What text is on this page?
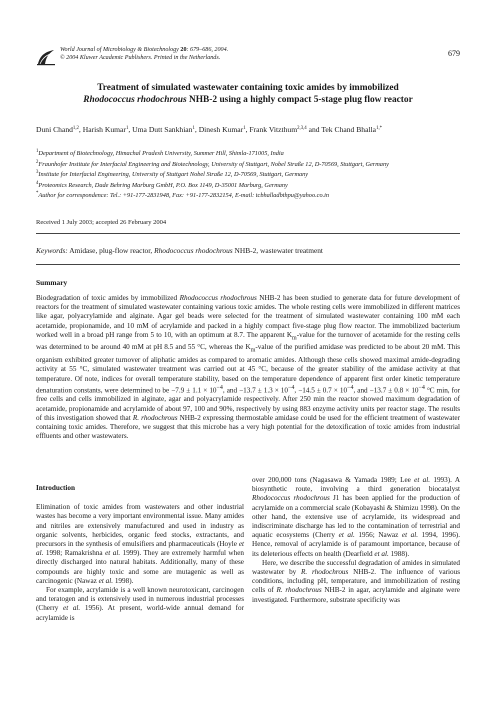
World Journal of Microbiology & Biotechnology 20: 679–686, 2004.
© 2004 Kluwer Academic Publishers. Printed in the Netherlands.	679
Treatment of simulated wastewater containing toxic amides by immobilized
Rhodococcus rhodochrous NHB-2 using a highly compact 5-stage plug flow reactor
Duni Chand$^{1,2}$, Harish Kumar$^1$, Uma Dutt Sankhian$^1$, Dinesh Kumar$^1$, Frank Vitzthum$^{2,3,4}$ and Tek Chand Bhalla$^{1,*}$
$^1$Department of Biotechnology, Himachal Pradesh University, Summer Hill, Shimla-171005, India
$^2$Fraunhofer Institute for Interfacial Engineering and Biotechnology, University of Stuttgart, Nobel Straße 12, D-70569, Stuttgart, Germany
$^3$Institute for Interfacial Engineering, University of Stuttgart Nobel Straße 12, D-70569, Stuttgart, Germany
$^4$Proteomics Research, Dade Behring Marburg GmbH, P.O. Box 1149, D-35001 Marburg, Germany
*Author for correspondence: Tel.: +91-177-2831948, Fax: +91-177-2832154, E-mail: tcbhalladbthpu@yahoo.co.in
Received 1 July 2003; accepted 26 February 2004
Keywords: Amidase, plug-flow reactor, Rhodococcus rhodochrous NHB-2, wastewater treatment
Summary

Biodegradation of toxic amides by immobilized Rhodococcus rhodochrous NHB-2 has been studied to generate data for future development of reactors for the treatment of simulated wastewater containing various toxic amides. The whole resting cells were immobilized in different matrices like agar, polyacrylamide and alginate. Agar gel beads were selected for the treatment of simulated wastewater containing 100 mM each acetamide, propionamide, and 10 mM of acrylamide and packed in a highly compact five-stage plug flow reactor. The immobilized bacterium worked well in a broad pH range from 5 to 10, with an optimum at 8.7. The apparent $K_m$-value for the turnover of acetamide for the resting cells was determined to be around 40 mM at pH 8.5 and 55 °C, whereas the $K_m$-value of the purified amidase was predicted to be about 20 mM. This organism exhibited greater turnover of aliphatic amides as compared to aromatic amides. Although these cells showed maximal amide-degrading activity at 55 °C, simulated wastewater treatment was carried out at 45 °C, because of the greater stability of the amidase activity at that temperature. Of note, indices for overall temperature stability, based on the temperature dependence of apparent first order kinetic temperature denaturation constants, were determined to be $-7.9 \pm 1.1 \times 10^{-4}$, and $-13.7 \pm 1.3 \times 10^{-4}$, $-14.5 \pm 0.7 \times 10^{-4}$, and $-13.7 \pm 0.8 \times 10^{-4}$ °C min, for free cells and cells immobilized in alginate, agar and polyacrylamide respectively. After 250 min the reactor showed maximum degradation of acetamide, propionamide and acrylamide of about 97, 100 and 90%, respectively by using 883 enzyme activity units per reactor stage. The results of this investigation showed that R. rhodochrous NHB-2 expressing thermostable amidase could be used for the efficient treatment of wastewater containing toxic amides. Therefore, we suggest that this microbe has a very high potential for the detoxification of toxic amides from industrial effluents and other wastewaters.

Introduction

Elimination of toxic amides from wastewaters and other industrial wastes has become a very important environmental issue. Many amides and nitriles are extensively manufactured and used in industry as organic solvents, herbicides, organic feed stocks, extractants, and precursors in the synthesis of emulsifiers and pharmaceuticals (Hoyle et al. 1998; Ramakrishna et al. 1999). They are extremely harmful when directly discharged into natural habitats. Additionally, many of these compounds are highly toxic and some are mutagenic as well as carcinogenic (Nawaz et al. 1998).

For example, acrylamide is a well known neurotoxicant, carcinogen and teratogen and is extensively used in numerous industrial processes (Cherry et al. 1956). At present, world-wide annual demand for acrylamide is

over 200,000 tons (Nagasawa & Yamada 1989; Lee et al. 1993). A biosynthetic route, involving a third generation biocatalyst Rhodococcus rhodochrous J1 has been applied for the production of acrylamide on a commercial scale (Kobayashi & Shimizu 1998). On the other hand, the extensive use of acrylamide, its widespread and indiscriminate discharge has led to the contamination of terrestrial and aquatic ecosystems (Cherry et al. 1956; Nawaz et al. 1994, 1996). Hence, removal of acrylamide is of paramount importance, because of its deleterious effects on health (Dearfield et al. 1988).

Here, we describe the successful degradation of amides in simulated wastewater by R. rhodochrous NHB-2. The influence of various conditions, including pH, temperature, and immobilization of resting cells of R. rhodochrous NHB-2 in agar, acrylamide and alginate were investigated. Furthermore, substrate specificity was
